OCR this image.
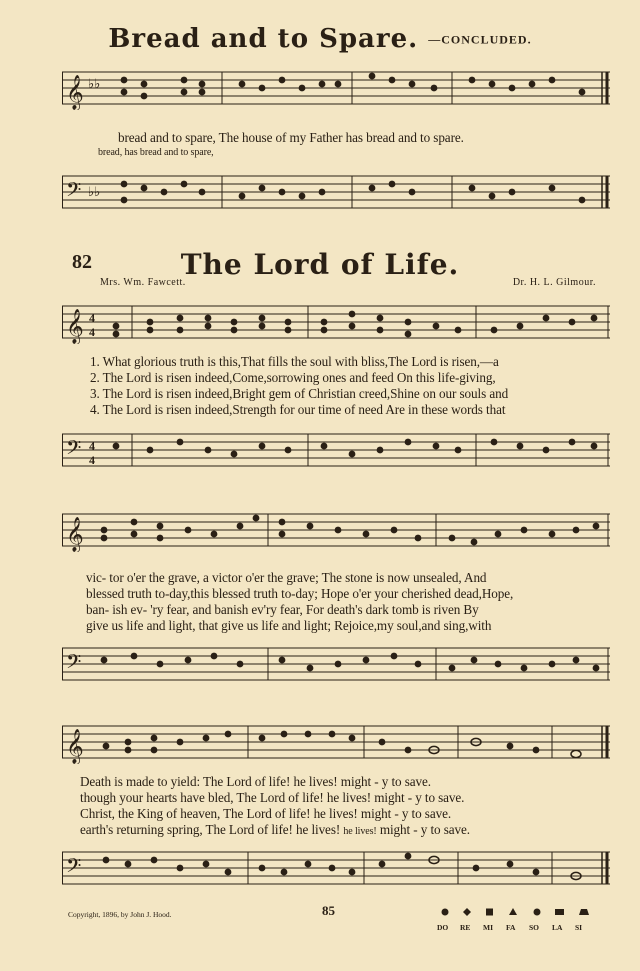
Bread and to Spare. —CONCLUDED.
𝄞 ♭♭
bread and to spare, The house of my Father has bread and to spare.
bread, has bread and to spare,
𝄢 ♭♭
82	The Lord of Life.
Mrs. Wm. Fawcett.	Dr. H. L. Gilmour.
𝄞 4
4
1. What glorious truth is this,That fills the soul with bliss,The Lord is risen,—a
2. The Lord is risen indeed,Come,sorrowing ones and feed On this life-giving,
3. The Lord is risen indeed,Bright gem of Christian creed,Shine on our souls and
4. The Lord is risen indeed,Strength for our time of need Are in these words that
𝄢 4
4
𝄞
vic- tor o'er the grave, a victor o'er the grave; The stone is now unsealed, And
blessed truth to-day,this blessed truth to-day; Hope o'er your cherished dead,Hope,
ban- ish ev- 'ry fear, and banish ev'ry fear, For death's dark tomb is riven By
give us life and light, that give us life and light; Rejoice,my soul,and sing,with
𝄢
𝄞
Death is made to yield: The Lord of life! he lives! might - y to save.
though your hearts have bled, The Lord of life! he lives! might - y to save.
Christ, the King of heaven, The Lord of life! he lives! might - y to save.
earth's returning spring, The Lord of life! he lives! he lives! might - y to save.
𝄢
Copyright, 1896, by John J. Hood.	85
DO	RE	MI	FA	SO	LA	SI
